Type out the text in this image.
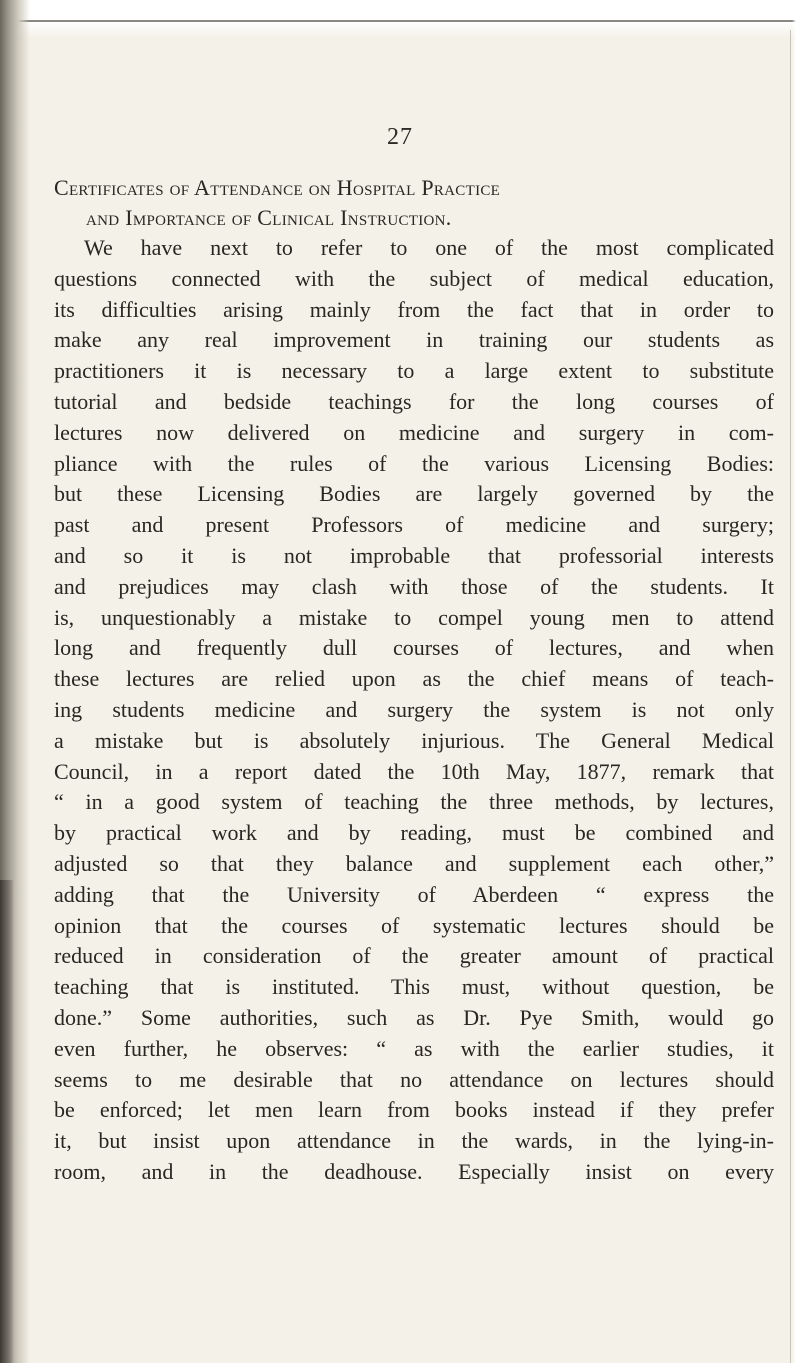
27
Certificates of Attendance on Hospital Practice
and Importance of Clinical Instruction.
We have next to refer to one of the most complicated
questions connected with the subject of medical education,
its difficulties arising mainly from the fact that in order to
make any real improvement in training our students as
practitioners it is necessary to a large extent to substitute
tutorial and bedside teachings for the long courses of
lectures now delivered on medicine and surgery in com-
pliance with the rules of the various Licensing Bodies:
but these Licensing Bodies are largely governed by the
past and present Professors of medicine and surgery;
and so it is not improbable that professorial interests
and prejudices may clash with those of the students. It
is, unquestionably a mistake to compel young men to attend
long and frequently dull courses of lectures, and when
these lectures are relied upon as the chief means of teach-
ing students medicine and surgery the system is not only
a mistake but is absolutely injurious. The General Medical
Council, in a report dated the 10th May, 1877, remark that
“ in a good system of teaching the three methods, by lectures,
by practical work and by reading, must be combined and
adjusted so that they balance and supplement each other,”
adding that the University of Aberdeen “ express the
opinion that the courses of systematic lectures should be
reduced in consideration of the greater amount of practical
teaching that is instituted. This must, without question, be
done.” Some authorities, such as Dr. Pye Smith, would go
even further, he observes: “ as with the earlier studies, it
seems to me desirable that no attendance on lectures should
be enforced; let men learn from books instead if they prefer
it, but insist upon attendance in the wards, in the lying-in-
room, and in the deadhouse. Especially insist on every
